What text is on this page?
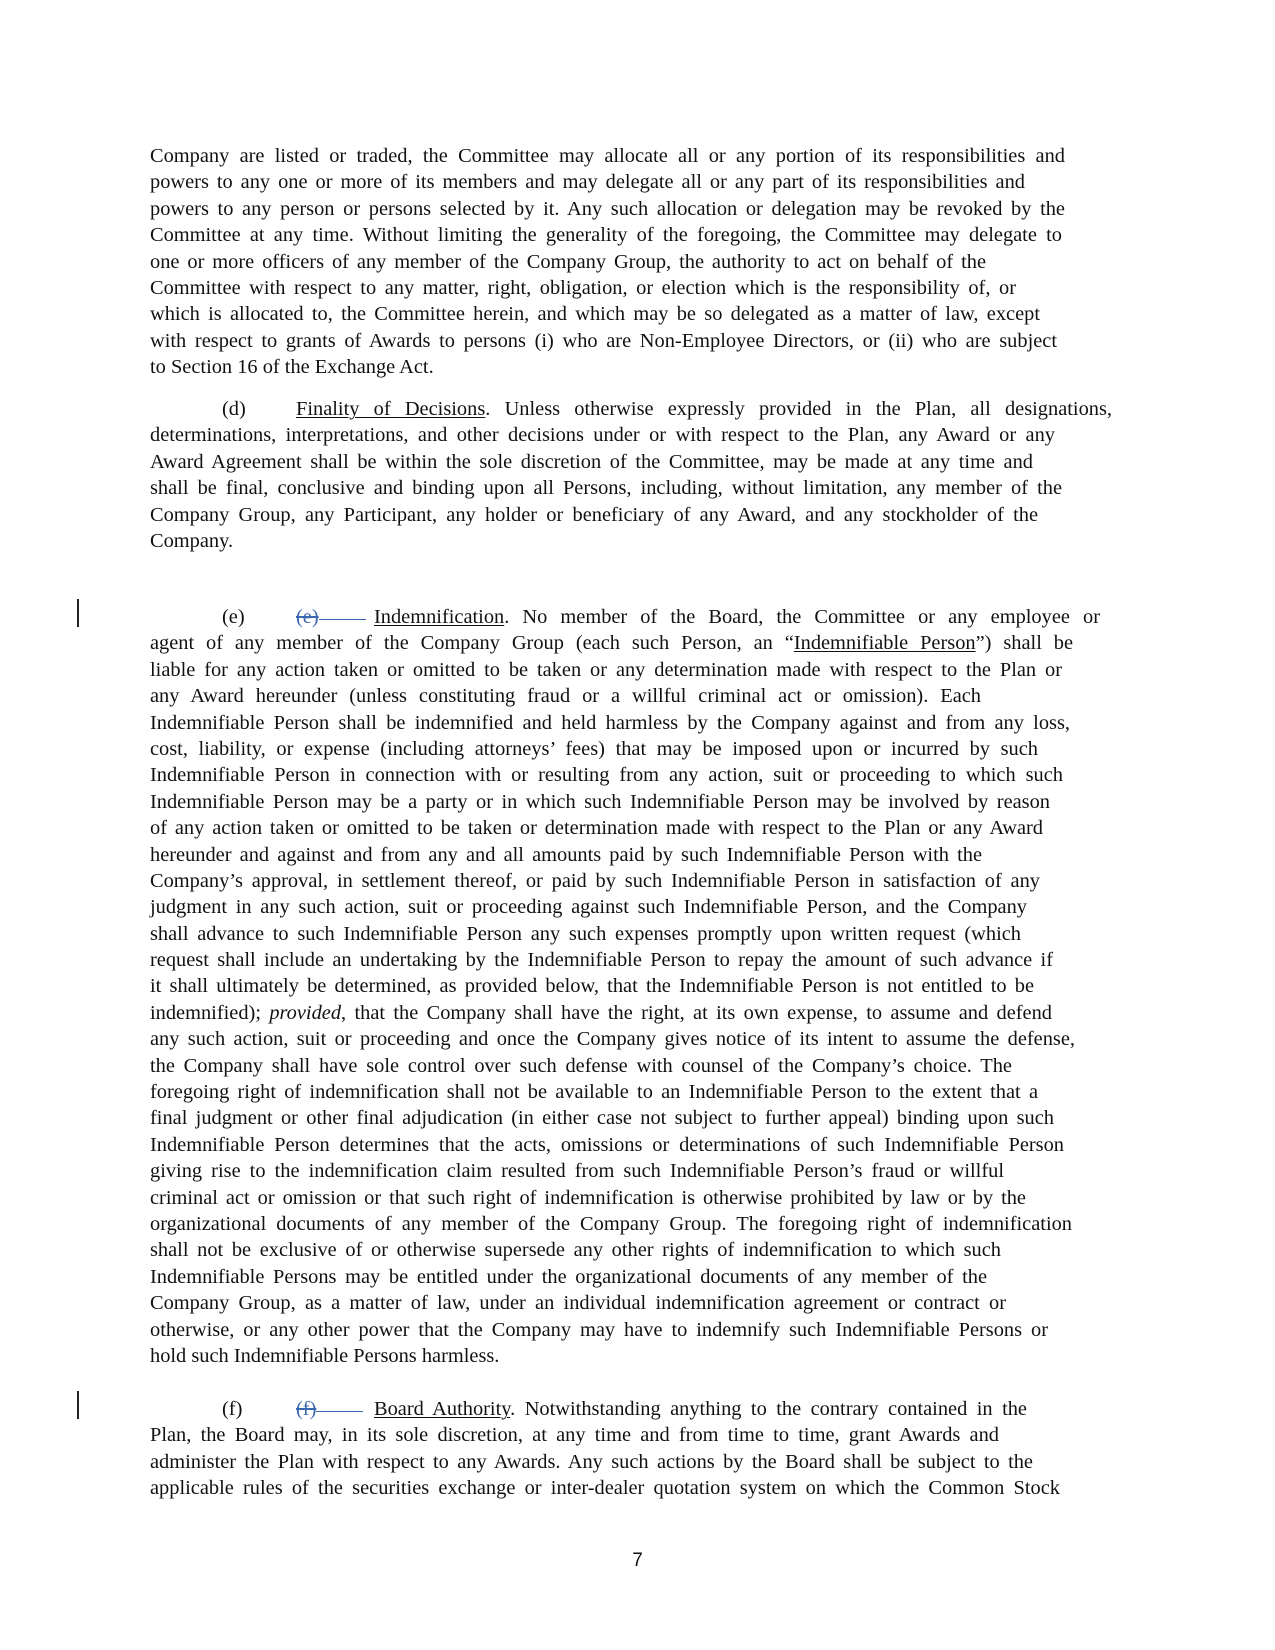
Company are listed or traded, the Committee may allocate all or any portion of its responsibilities and
powers to any one or more of its members and may delegate all or any part of its responsibilities and
powers to any person or persons selected by it. Any such allocation or delegation may be revoked by the
Committee at any time. Without limiting the generality of the foregoing, the Committee may delegate to
one or more officers of any member of the Company Group, the authority to act on behalf of the
Committee with respect to any matter, right, obligation, or election which is the responsibility of, or
which is allocated to, the Committee herein, and which may be so delegated as a matter of law, except
with respect to grants of Awards to persons (i) who are Non-Employee Directors, or (ii) who are subject
to Section 16 of the Exchange Act.
(d) Finality of Decisions. Unless otherwise expressly provided in the Plan, all designations,
determinations, interpretations, and other decisions under or with respect to the Plan, any Award or any
Award Agreement shall be within the sole discretion of the Committee, may be made at any time and
shall be final, conclusive and binding upon all Persons, including, without limitation, any member of the
Company Group, any Participant, any holder or beneficiary of any Award, and any stockholder of the
Company.
(e)	(e)	Indemnification. No member of the Board, the Committee or any employee or
agent of any member of the Company Group (each such Person, an “Indemnifiable Person”) shall be
liable for any action taken or omitted to be taken or any determination made with respect to the Plan or
any Award hereunder (unless constituting fraud or a willful criminal act or omission). Each
Indemnifiable Person shall be indemnified and held harmless by the Company against and from any loss,
cost, liability, or expense (including attorneys’ fees) that may be imposed upon or incurred by such
Indemnifiable Person in connection with or resulting from any action, suit or proceeding to which such
Indemnifiable Person may be a party or in which such Indemnifiable Person may be involved by reason
of any action taken or omitted to be taken or determination made with respect to the Plan or any Award
hereunder and against and from any and all amounts paid by such Indemnifiable Person with the
Company’s approval, in settlement thereof, or paid by such Indemnifiable Person in satisfaction of any
judgment in any such action, suit or proceeding against such Indemnifiable Person, and the Company
shall advance to such Indemnifiable Person any such expenses promptly upon written request (which
request shall include an undertaking by the Indemnifiable Person to repay the amount of such advance if
it shall ultimately be determined, as provided below, that the Indemnifiable Person is not entitled to be
indemnified); provided, that the Company shall have the right, at its own expense, to assume and defend
any such action, suit or proceeding and once the Company gives notice of its intent to assume the defense,
the Company shall have sole control over such defense with counsel of the Company’s choice. The
foregoing right of indemnification shall not be available to an Indemnifiable Person to the extent that a
final judgment or other final adjudication (in either case not subject to further appeal) binding upon such
Indemnifiable Person determines that the acts, omissions or determinations of such Indemnifiable Person
giving rise to the indemnification claim resulted from such Indemnifiable Person’s fraud or willful
criminal act or omission or that such right of indemnification is otherwise prohibited by law or by the
organizational documents of any member of the Company Group. The foregoing right of indemnification
shall not be exclusive of or otherwise supersede any other rights of indemnification to which such
Indemnifiable Persons may be entitled under the organizational documents of any member of the
Company Group, as a matter of law, under an individual indemnification agreement or contract or
otherwise, or any other power that the Company may have to indemnify such Indemnifiable Persons or
hold such Indemnifiable Persons harmless.
(f)	(f)	Board Authority. Notwithstanding anything to the contrary contained in the
Plan, the Board may, in its sole discretion, at any time and from time to time, grant Awards and
administer the Plan with respect to any Awards. Any such actions by the Board shall be subject to the
applicable rules of the securities exchange or inter-dealer quotation system on which the Common Stock
7
